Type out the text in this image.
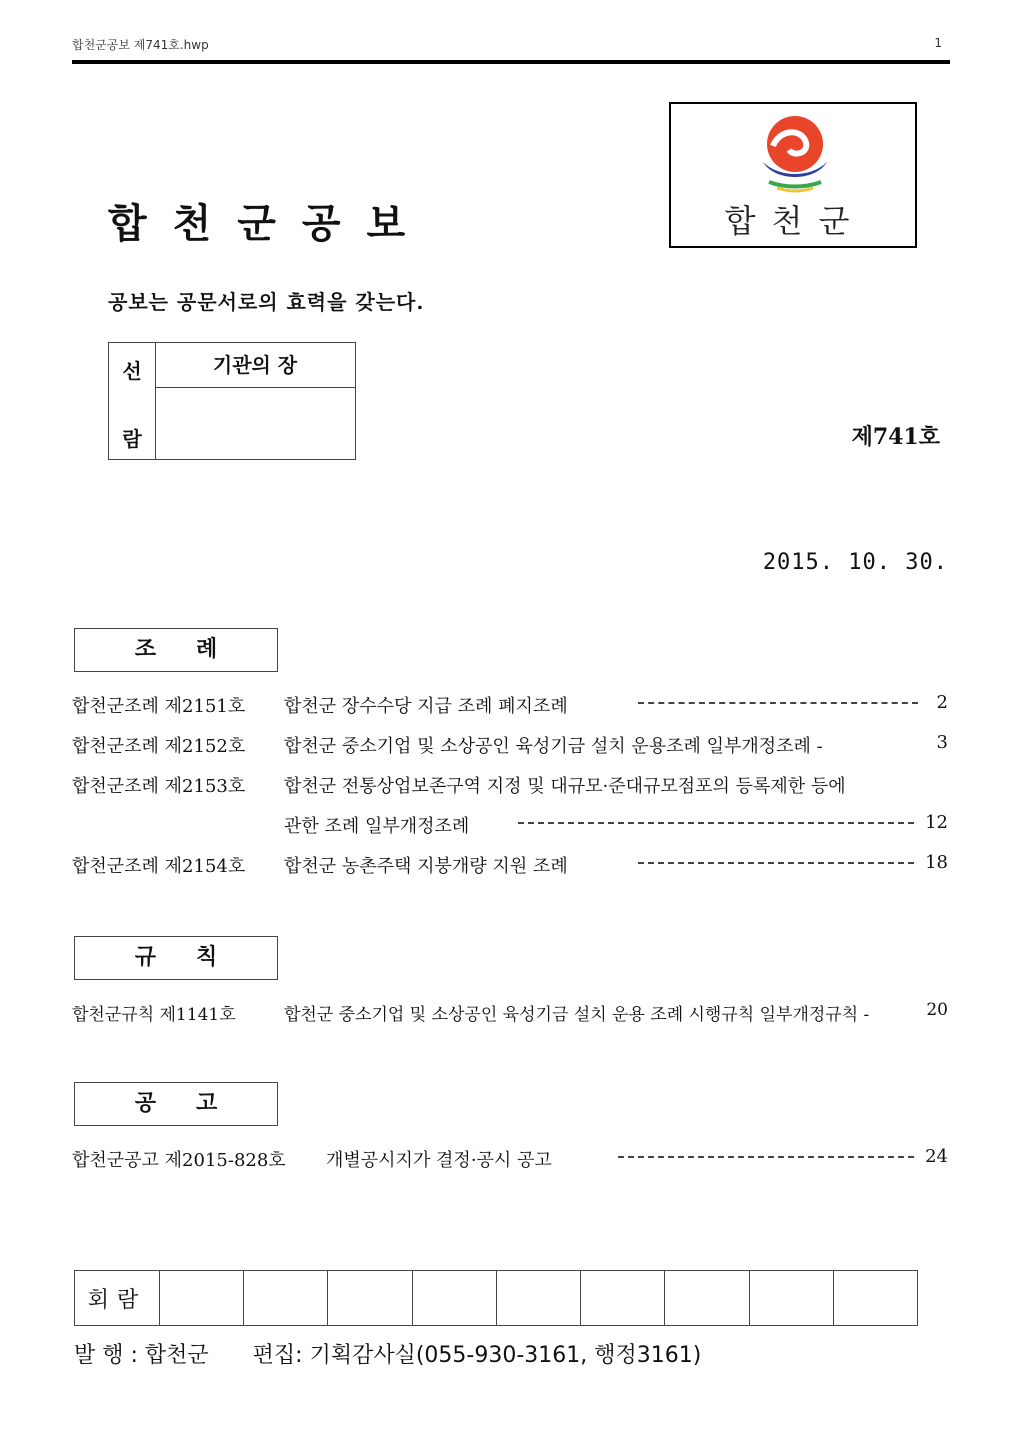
합천군공보 제741호.hwp	1
합천군
합천군공보
공보는 공문서로의 효력을 갖는다.
선
람
기관의 장
제741호
2015. 10. 30.
조례
합천군조례 제2151호 합천군 장수수당 지급 조례 폐지조례	2
합천군조례 제2152호 합천군 중소기업 및 소상공인 육성기금 설치 운용조례 일부개정조례 -	3
합천군조례 제2153호 합천군 전통상업보존구역 지정 및 대규모·준대규모점포의 등록제한 등에
관한 조례 일부개정조례	12
합천군조례 제2154호 합천군 농촌주택 지붕개량 지원 조례	18
규칙
합천군규칙 제1141호	합천군 중소기업 및 소상공인 육성기금 설치 운용 조례 시행규칙 일부개정규칙 -	20
공고
합천군공고 제2015-828호 개별공시지가 결정·공시 공고	24
회람
발 행 : 합천군 편집: 기획감사실(055-930-3161, 행정3161)
